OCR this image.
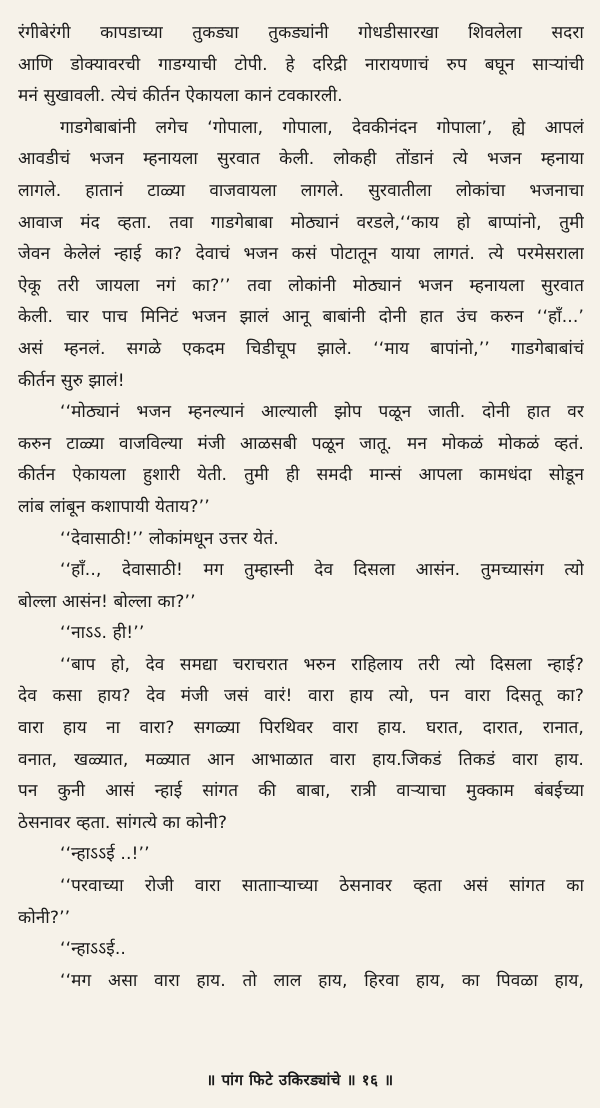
रंगीबेरंगी कापडाच्या तुकड्या तुकड्यांनी गोधडीसारखा शिवलेला सदरा
आणि डोक्यावरची गाडग्याची टोपी. हे दरिद्री नारायणाचं रुप बघून साऱ्यांची
मनं सुखावली. त्येचं कीर्तन ऐकायला कानं टवकारली.
गाडगेबाबांनी लगेच ‘गोपाला, गोपाला, देवकीनंदन गोपाला’, ह्ये आपलं
आवडीचं भजन म्हनायला सुरवात केली. लोकही तोंडानं त्ये भजन म्हनाया
लागले. हातानं टाळ्या वाजवायला लागले. सुरवातीला लोकांचा भजनाचा
आवाज मंद व्हता. तवा गाडगेबाबा मोठ्यानं वरडले,‘‘काय हो बाप्पांनो, तुमी
जेवन केलेलं न्हाई का? देवाचं भजन कसं पोटातून याया लागतं. त्ये परमेसराला
ऐकू तरी जायला नगं का?’’ तवा लोकांनी मोठ्यानं भजन म्हनायला सुरवात
केली. चार पाच मिनिटं भजन झालं आनू बाबांनी दोनी हात उंच करुन ‘‘हाँ...’
असं म्हनलं. सगळे एकदम चिडीचूप झाले. ‘‘माय बापांनो,’’ गाडगेबाबांचं
कीर्तन सुरु झालं!
‘‘मोठ्यानं भजन म्हनल्यानं आल्याली झोप पळून जाती. दोनी हात वर
करुन टाळ्या वाजविल्या मंजी आळसबी पळून जातू. मन मोकळं मोकळं व्हतं.
कीर्तन ऐकायला हुशारी येती. तुमी ही समदी मान्सं आपला कामधंदा सोडून
लांब लांबून कशापायी येताय?’’
‘‘देवासाठी!’’ लोकांमधून उत्तर येतं.
‘‘हाँ.., देवासाठी! मग तुम्हास्नी देव दिसला आसंन. तुमच्यासंग त्यो
बोल्ला आसंन! बोल्ला का?’’
‘‘नाऽऽ. ही!’’
‘‘बाप हो, देव समद्या चराचरात भरुन राहिलाय तरी त्यो दिसला न्हाई?
देव कसा हाय? देव मंजी जसं वारं! वारा हाय त्यो, पन वारा दिसतू का?
वारा हाय ना वारा? सगळ्या पिरथिवर वारा हाय. घरात, दारात, रानात,
वनात, खळ्यात, मळ्यात आन आभाळात वारा हाय.जिकडं तिकडं वारा हाय.
पन कुनी आसं न्हाई सांगत की बाबा, रात्री वाऱ्याचा मुक्काम बंबईच्या
ठेसनावर व्हता. सांगत्ये का कोनी?
‘‘न्हाऽऽई ..!’’
‘‘परवाच्या रोजी वारा सातााऱ्याच्या ठेसनावर व्हता असं सांगत का
कोनी?’’
‘‘न्हाऽऽई..
‘‘मग असा वारा हाय. तो लाल हाय, हिरवा हाय, का पिवळा हाय,
॥ पांग फिटे उकिरड्यांचे ॥ १६ ॥
